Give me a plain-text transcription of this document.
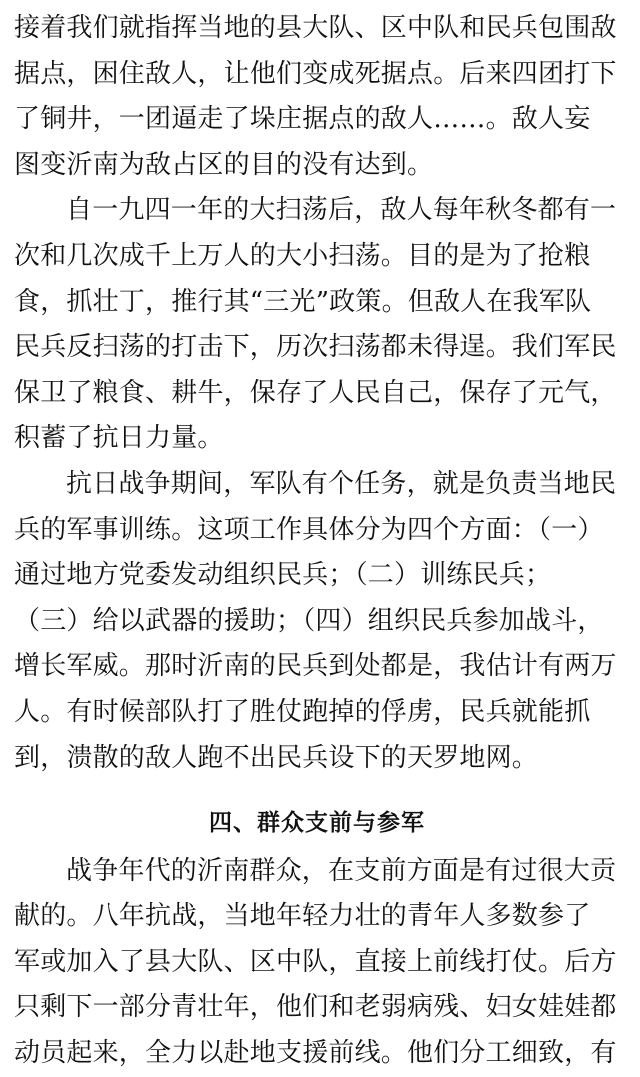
接着我们就指挥当地的县大队、区中队和民兵包围敌
据点，困住敌人，让他们变成死据点。后来四团打下
了铜井，一团逼走了垛庄据点的敌人……。敌人妄
图变沂南为敌占区的目的没有达到。
自一九四一年的大扫荡后，敌人每年秋冬都有一
次和几次成千上万人的大小扫荡。目的是为了抢粮
食，抓壮丁，推行其“三光”政策。但敌人在我军队
民兵反扫荡的打击下，历次扫荡都未得逞。我们军民
保卫了粮食、耕牛，保存了人民自己，保存了元气，
积蓄了抗日力量。
抗日战争期间，军队有个任务，就是负责当地民
兵的军事训练。这项工作具体分为四个方面：（一）
通过地方党委发动组织民兵；（二）训练民兵；
（三）给以武器的援助；（四）组织民兵参加战斗，
增长军威。那时沂南的民兵到处都是，我估计有两万
人。有时候部队打了胜仗跑掉的俘虏，民兵就能抓
到，溃散的敌人跑不出民兵设下的天罗地网。
四、群众支前与参军
战争年代的沂南群众，在支前方面是有过很大贡
献的。八年抗战，当地年轻力壮的青年人多数参了
军或加入了县大队、区中队，直接上前线打仗。后方
只剩下一部分青壮年，他们和老弱病残、妇女娃娃都
动员起来，全力以赴地支援前线。他们分工细致，有
